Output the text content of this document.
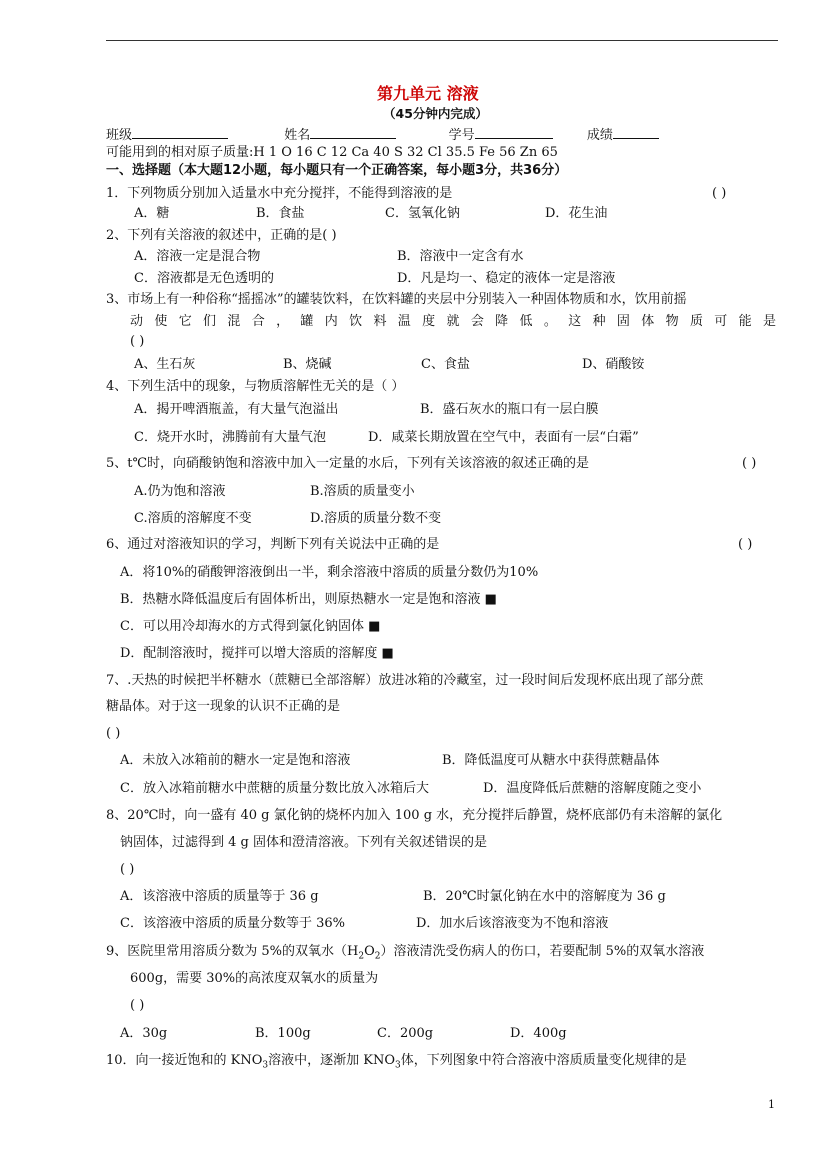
第九单元 溶液
（45分钟内完成）
班级	姓名	学号	成绩
可能用到的相对原子质量:H 1 O 16 C 12 Ca 40 S 32 Cl 35.5 Fe 56 Zn 65
一、选择题（本大题12小题，每小题只有一个正确答案，每小题3分，共36分）
1．下列物质分别加入适量水中充分搅拌，不能得到溶液的是	( )
A．糖	B．食盐	C．氢氧化钠	D．花生油
2、下列有关溶液的叙述中，正确的是( )
A．溶液一定是混合物	B．溶液中一定含有水
C．溶液都是无色透明的	D．凡是均一、稳定的液体一定是溶液
3、市场上有一种俗称“摇摇冰”的罐装饮料，在饮料罐的夹层中分别装入一种固体物质和水，饮用前摇
动使它们混合，罐内饮料温度就会降低。这种固体物质可能是
( )
A、生石灰	B、烧碱	C、食盐	D、硝酸铵
4、下列生活中的现象，与物质溶解性无关的是（ ）
A．揭开啤酒瓶盖，有大量气泡溢出	B．盛石灰水的瓶口有一层白膜
C．烧开水时，沸腾前有大量气泡	D．咸菜长期放置在空气中，表面有一层“白霜”
5、t℃时，向硝酸钠饱和溶液中加入一定量的水后，下列有关该溶液的叙述正确的是	( )
A.仍为饱和溶液	B.溶质的质量变小
C.溶质的溶解度不变	D.溶质的质量分数不变
6、通过对溶液知识的学习，判断下列有关说法中正确的是	( )
A．将10%的硝酸钾溶液倒出一半，剩余溶液中溶质的质量分数仍为10%
B．热糖水降低温度后有固体析出，则原热糖水一定是饱和溶液 ■
C．可以用冷却海水的方式得到氯化钠固体 ■
D．配制溶液时，搅拌可以增大溶质的溶解度 ■
7、.天热的时候把半杯糖水（蔗糖已全部溶解）放进冰箱的冷藏室，过一段时间后发现杯底出现了部分蔗
糖晶体。对于这一现象的认识不正确的是
( )
A．未放入冰箱前的糖水一定是饱和溶液	B．降低温度可从糖水中获得蔗糖晶体
C．放入冰箱前糖水中蔗糖的质量分数比放入冰箱后大	D．温度降低后蔗糖的溶解度随之变小
8、20℃时，向一盛有 40 g 氯化钠的烧杯内加入 100 g 水，充分搅拌后静置，烧杯底部仍有未溶解的氯化
钠固体，过滤得到 4 g 固体和澄清溶液。下列有关叙述错误的是
( )
A．该溶液中溶质的质量等于 36 g	B．20℃时氯化钠在水中的溶解度为 36 g
C．该溶液中溶质的质量分数等于 36%	D．加水后该溶液变为不饱和溶液
9、医院里常用溶质分数为 5%的双氧水$(H_2O_2)$溶液清洗受伤病人的伤口，若要配制 5%的双氧水溶液
600g，需要 30%的高浓度双氧水的质量为
( )
A．30g	B．100g	C．200g	D．400g
10．向一接近饱和的 $KNO_3$溶液中，逐渐加 $KNO_3$体，下列图象中符合溶液中溶质质量变化规律的是
1
